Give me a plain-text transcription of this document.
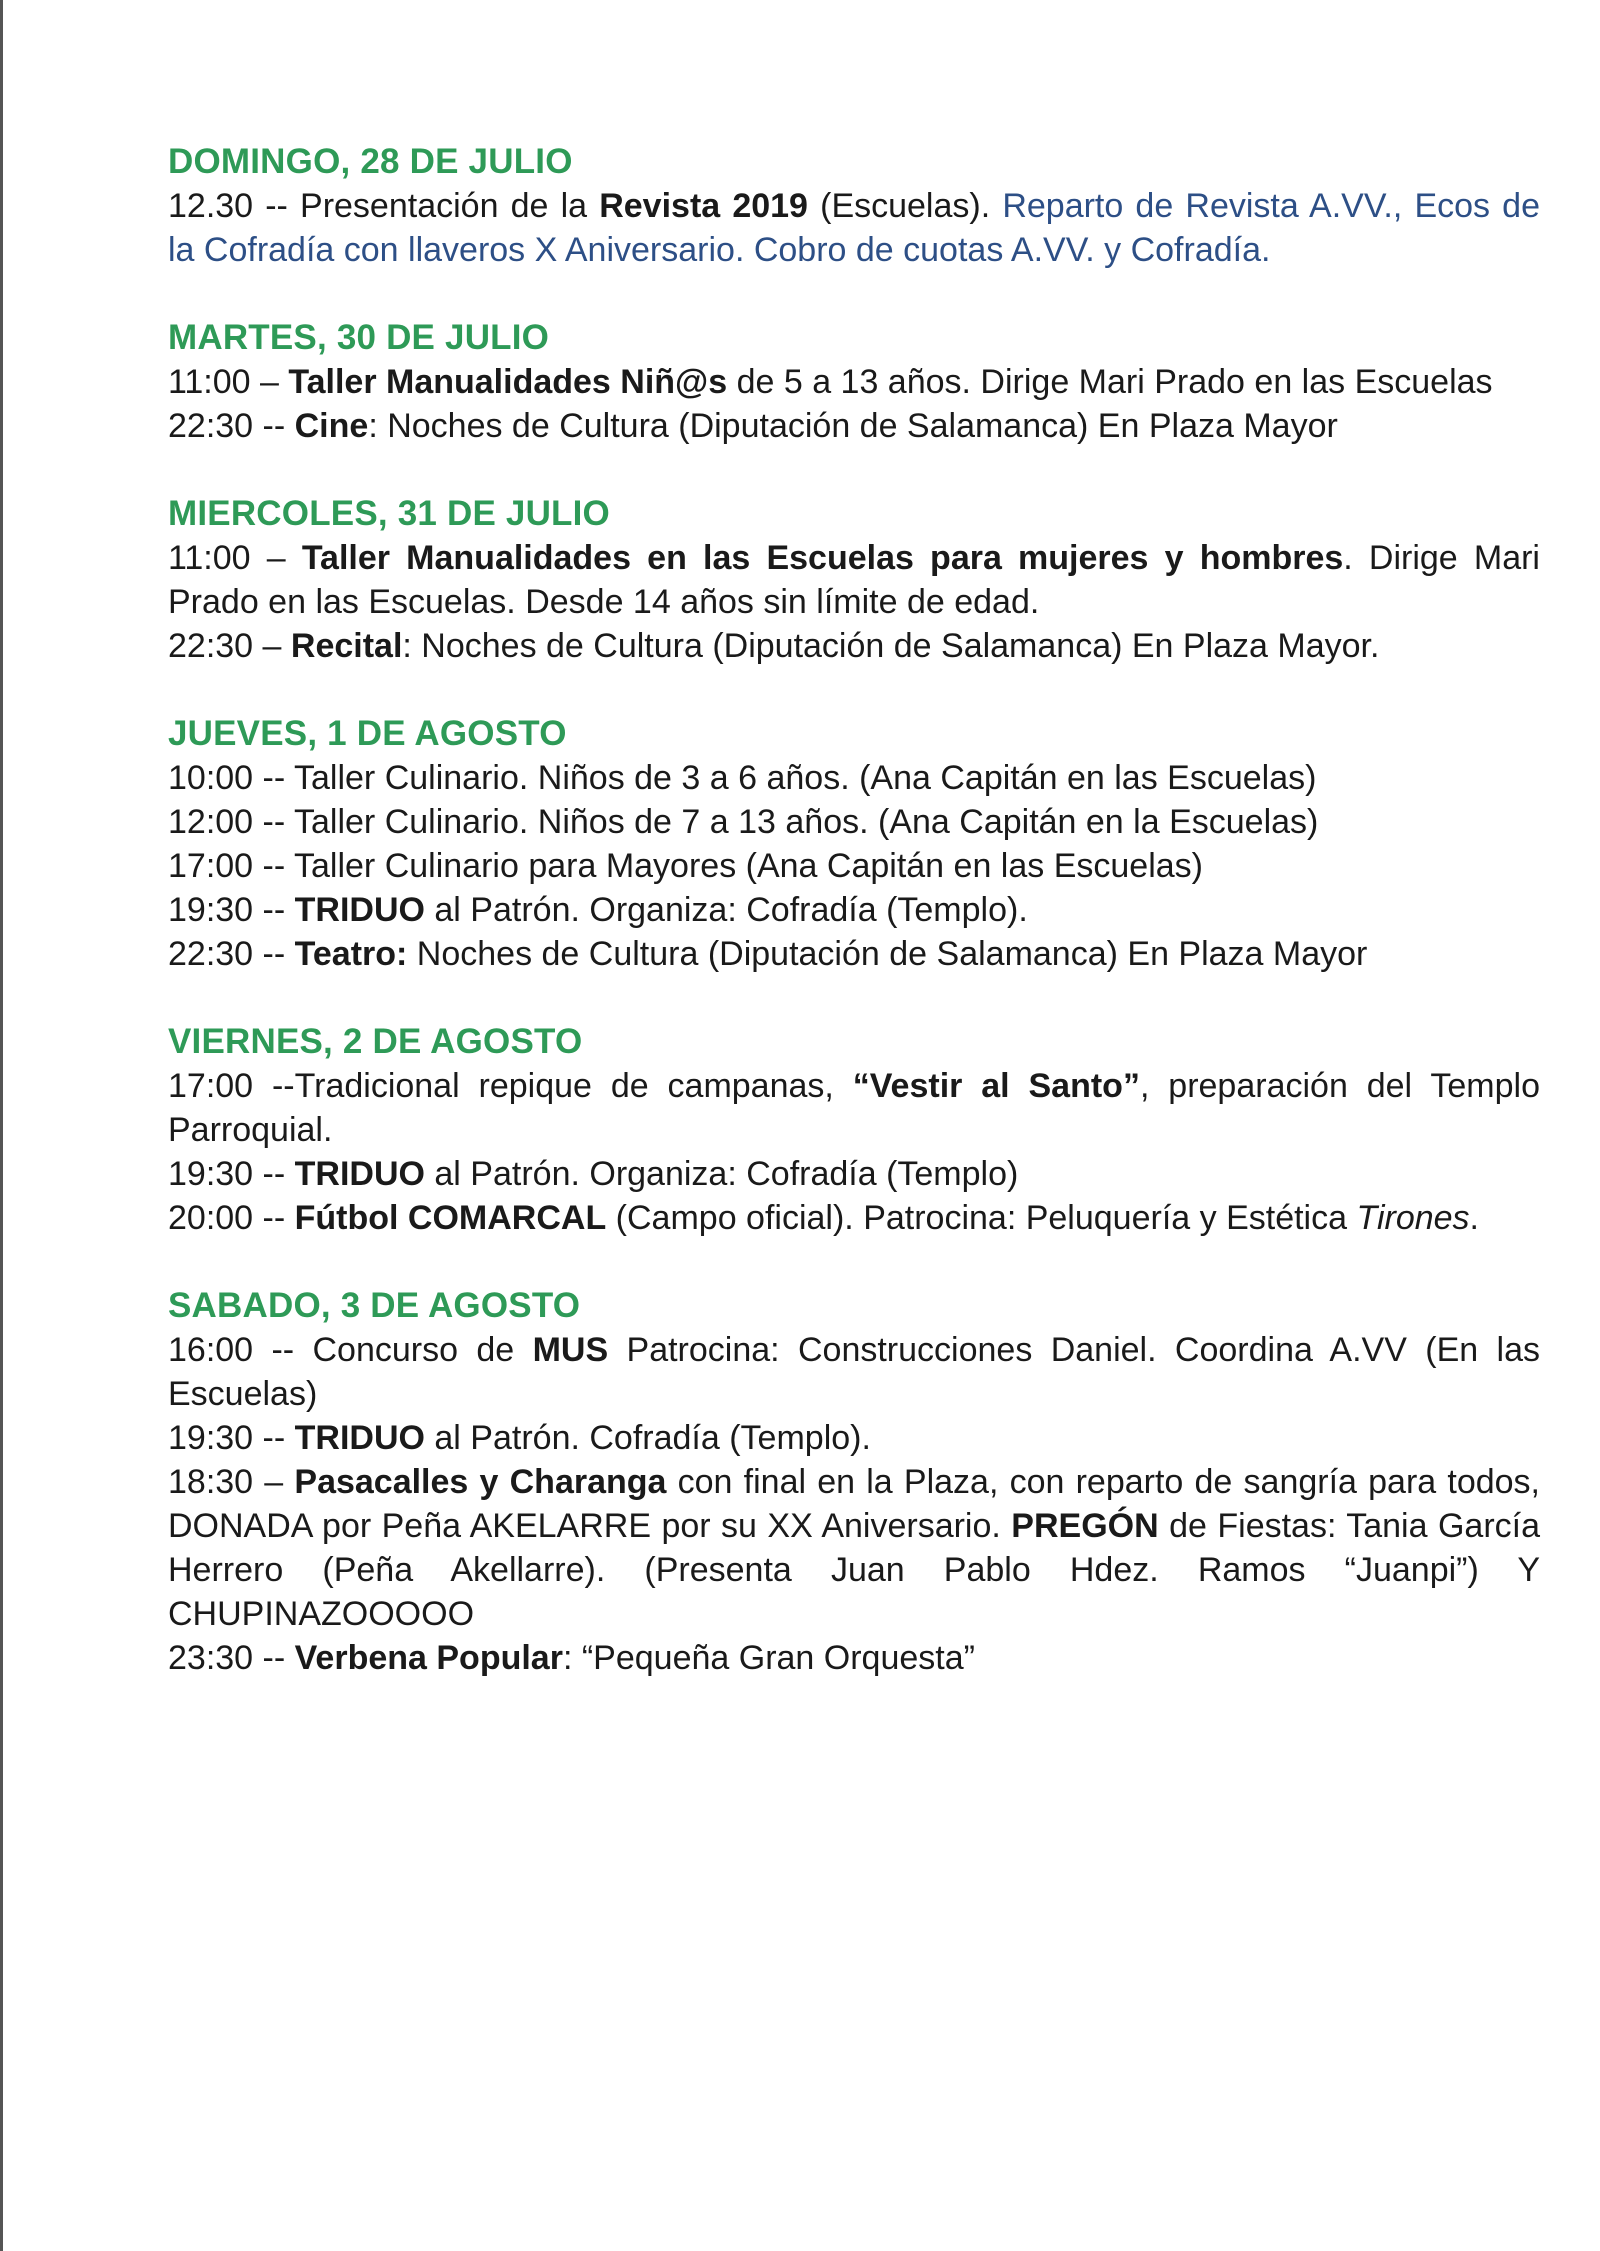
DOMINGO, 28 DE JULIO

12.30 -- Presentación de la Revista 2019 (Escuelas). Reparto de Revista A.VV., Ecos de la Cofradía con llaveros X Aniversario. Cobro de cuotas A.VV. y Cofradía.

MARTES, 30 DE JULIO

11:00 – Taller Manualidades Niñ@s de 5 a 13 años. Dirige Mari Prado en las Escuelas

22:30 -- Cine: Noches de Cultura (Diputación de Salamanca) En Plaza Mayor

MIERCOLES, 31 DE JULIO

11:00 – Taller Manualidades en las Escuelas para mujeres y hombres. Dirige Mari Prado en las Escuelas. Desde 14 años sin límite de edad.

22:30 – Recital: Noches de Cultura (Diputación de Salamanca) En Plaza Mayor.

JUEVES, 1 DE AGOSTO

10:00 -- Taller Culinario. Niños de 3 a 6 años. (Ana Capitán en las Escuelas)

12:00 -- Taller Culinario. Niños de 7 a 13 años. (Ana Capitán en la Escuelas)

17:00 -- Taller Culinario para Mayores (Ana Capitán en las Escuelas)

19:30 -- TRIDUO al Patrón. Organiza: Cofradía (Templo).

22:30 -- Teatro: Noches de Cultura (Diputación de Salamanca) En Plaza Mayor

VIERNES, 2 DE AGOSTO

17:00 --Tradicional repique de campanas, “Vestir al Santo”, preparación del Templo Parroquial.

19:30 -- TRIDUO al Patrón. Organiza: Cofradía (Templo)

20:00 -- Fútbol COMARCAL (Campo oficial). Patrocina: Peluquería y Estética Tirones.

SABADO, 3 DE AGOSTO

16:00 -- Concurso de MUS Patrocina: Construcciones Daniel. Coordina A.VV (En las Escuelas)

19:30 -- TRIDUO al Patrón. Cofradía (Templo).

18:30 – Pasacalles y Charanga con final en la Plaza, con reparto de sangría para todos, DONADA por Peña AKELARRE por su XX Aniversario. PREGÓN de Fiestas: Tania García Herrero (Peña Akellarre). (Presenta Juan Pablo Hdez. Ramos “Juanpi”) Y CHUPINAZOOOOO

23:30 -- Verbena Popular: “Pequeña Gran Orquesta”
